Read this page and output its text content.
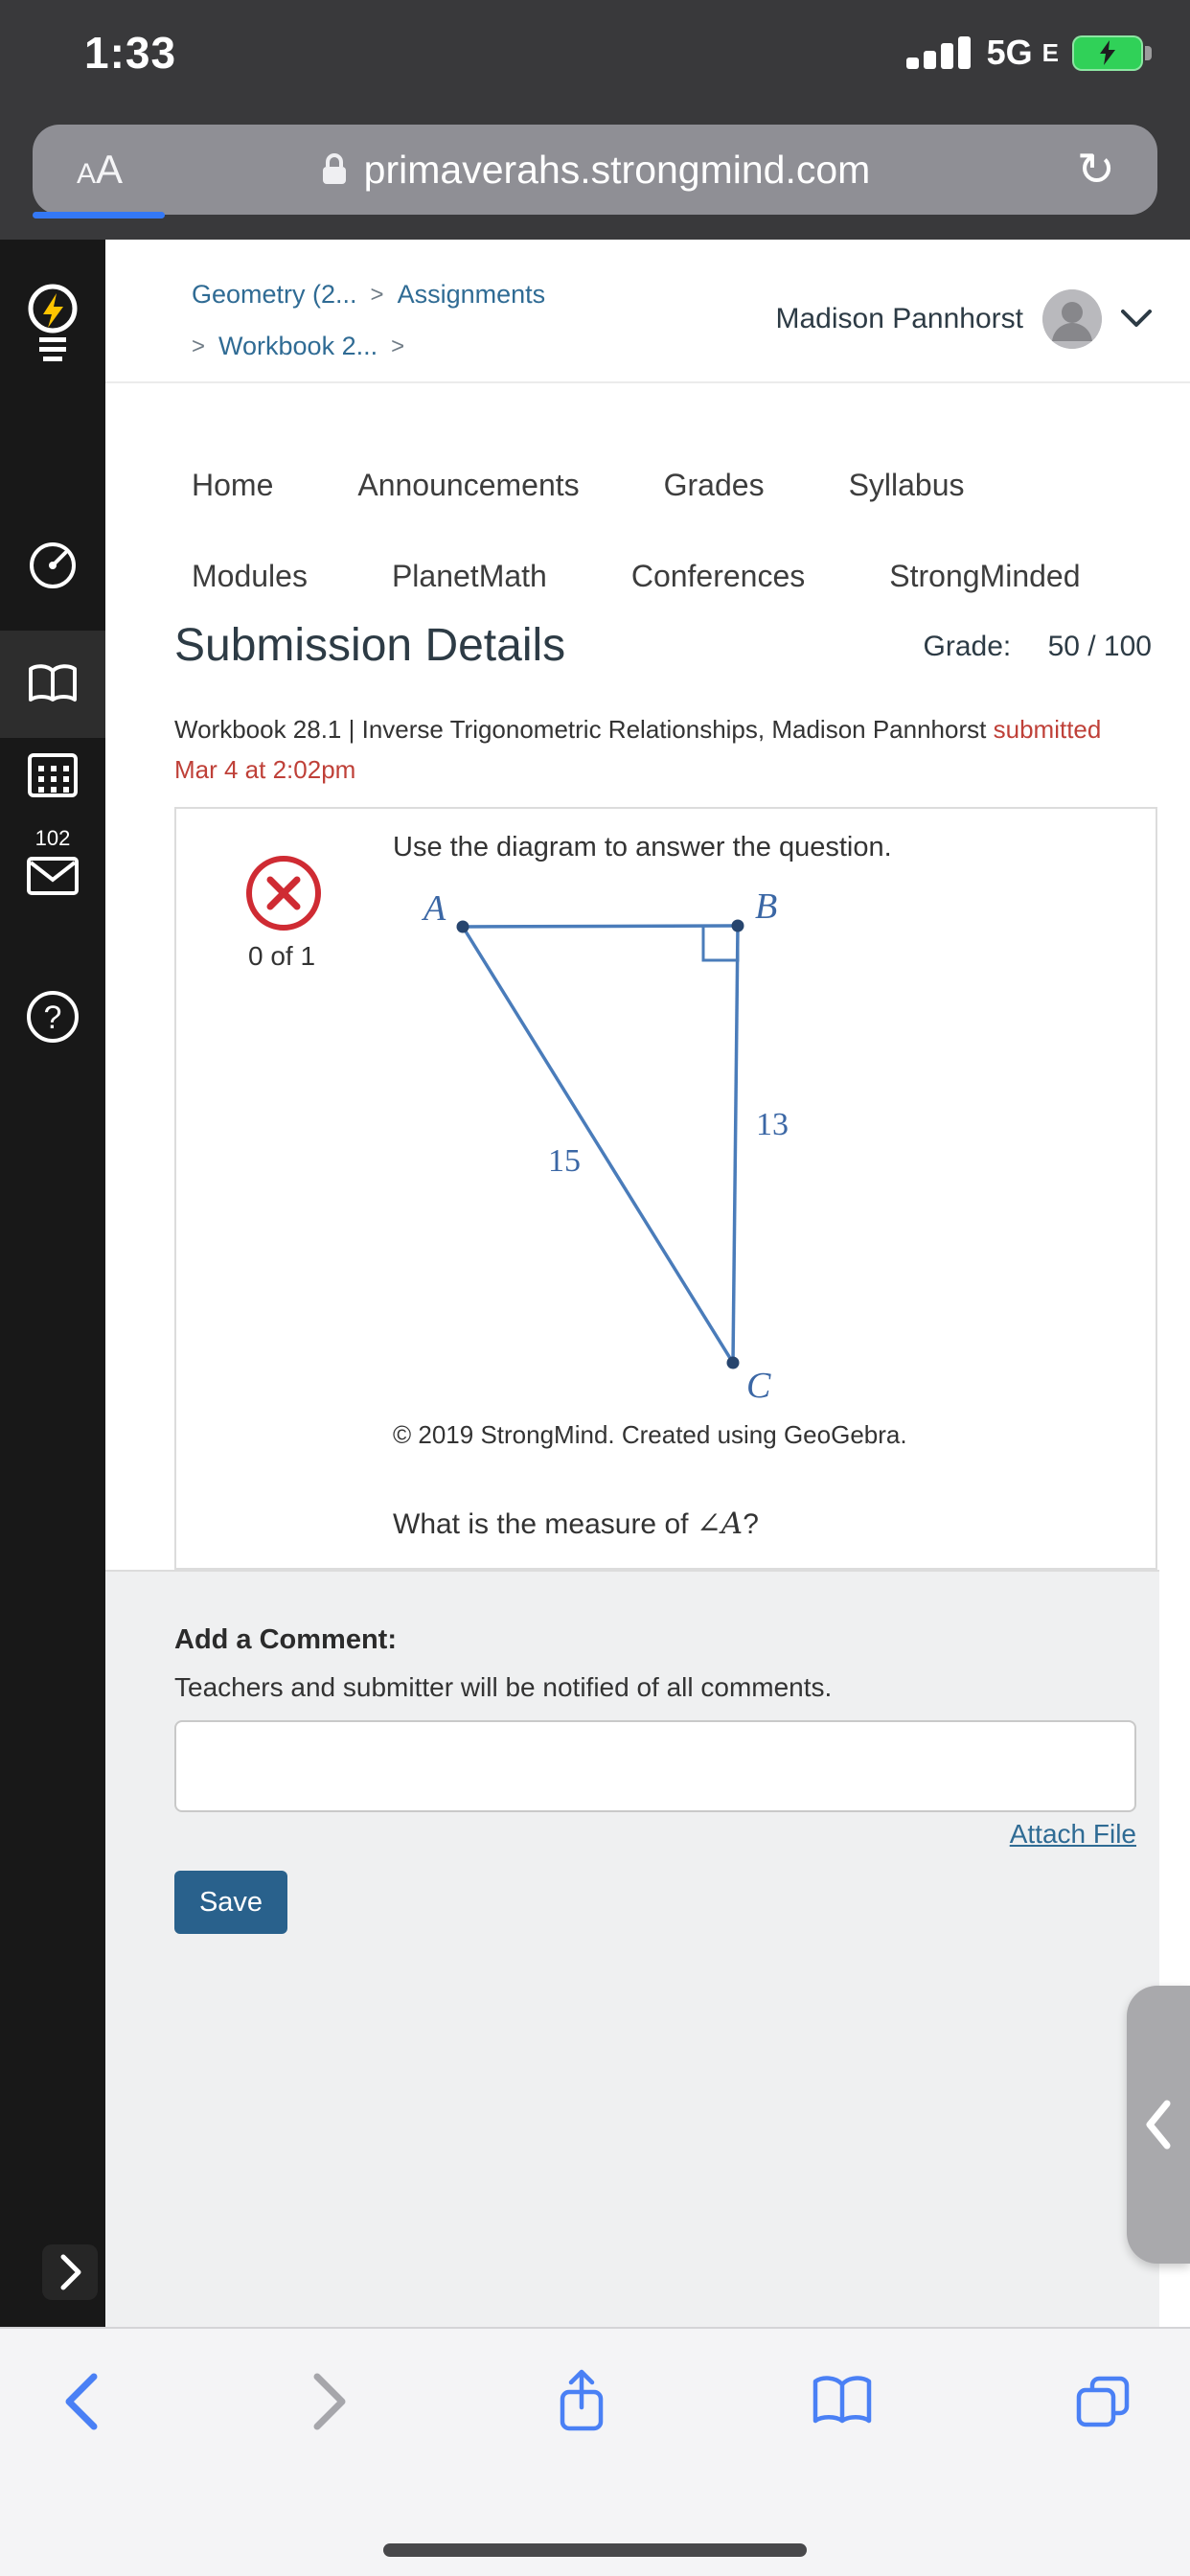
1:33	5G E
A A	primaverahs.strongmind.com	↻
102
?
Geometry (2... > Assignments
> Workbook 2... >
Madison Pannhorst
Home	Announcements	Grades	Syllabus
Modules	PlanetMath	Conferences	StrongMinded
Submission Details	Grade: 50 / 100

Workbook 28.1 | Inverse Trigonometric Relationships, Madison Pannhorst submitted Mar 4 at 2:02pm

0 of 1
Use the diagram to answer the question.
A	B
C
15
13
© 2019 StrongMind. Created using GeoGebra.
What is the measure of ∠A?
Add a Comment:
Teachers and submitter will be notified of all comments.
Attach File
Save
